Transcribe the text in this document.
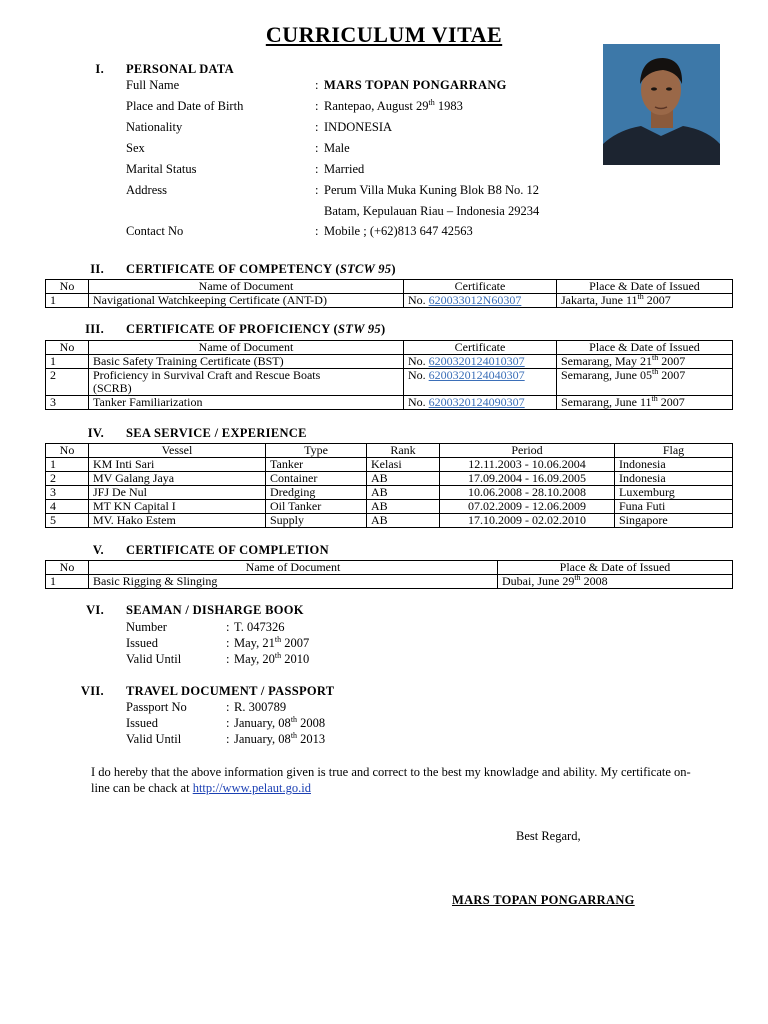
CURRICULUM VITAE
I. PERSONAL DATA
Full Name	: MARS TOPAN PONGARRANG
Place and Date of Birth	: Rantepao, August 29th 1983
Nationality	: INDONESIA
Sex	: Male
Marital Status	: Married
Address	: Perum Villa Muka Kuning Blok B8 No. 12
Batam, Kepulauan Riau – Indonesia 29234
Contact No	: Mobile ; (+62)813 647 42563
II. CERTIFICATE OF COMPETENCY (STCW 95)
No	Name of Document	Certificate	Place & Date of Issued
1	Navigational Watchkeeping Certificate (ANT-D)	No. 620033012N60307	Jakarta, June 11th 2007
III. CERTIFICATE OF PROFICIENCY (STW 95)
No	Name of Document	Certificate	Place & Date of Issued
1	Basic Safety Training Certificate (BST)	No. 6200320124010307	Semarang, May 21th 2007
2	Proficiency in Survival Craft and Rescue Boats
(SCRB)	No. 6200320124040307	Semarang, June 05th 2007
3	Tanker Familiarization	No. 6200320124090307	Semarang, June 11th 2007
IV. SEA SERVICE / EXPERIENCE
No	Vessel	Type	Rank	Period	Flag
1	KM Inti Sari	Tanker	Kelasi	12.11.2003 - 10.06.2004	Indonesia
2	MV Galang Jaya	Container	AB	17.09.2004 - 16.09.2005	Indonesia
3	JFJ De Nul	Dredging	AB	10.06.2008 - 28.10.2008	Luxemburg
4	MT KN Capital I	Oil Tanker	AB	07.02.2009 - 12.06.2009	Funa Futi
5	MV. Hako Estem	Supply	AB	17.10.2009 - 02.02.2010	Singapore
V. CERTIFICATE OF COMPLETION
No	Name of Document	Place & Date of Issued
1	Basic Rigging & Slinging	Dubai, June 29th 2008
VI. SEAMAN / DISHARGE BOOK
Number	: T. 047326
Issued	: May, 21th 2007
Valid Until	: May, 20th 2010
VII. TRAVEL DOCUMENT / PASSPORT
Passport No	: R. 300789
Issued	: January, 08th 2008
Valid Until	: January, 08th 2013
I do hereby that the above information given is true and correct to the best my knowladge and ability. My certificate on-line can be chack at http://www.pelaut.go.id
Best Regard,
MARS TOPAN PONGARRANG
